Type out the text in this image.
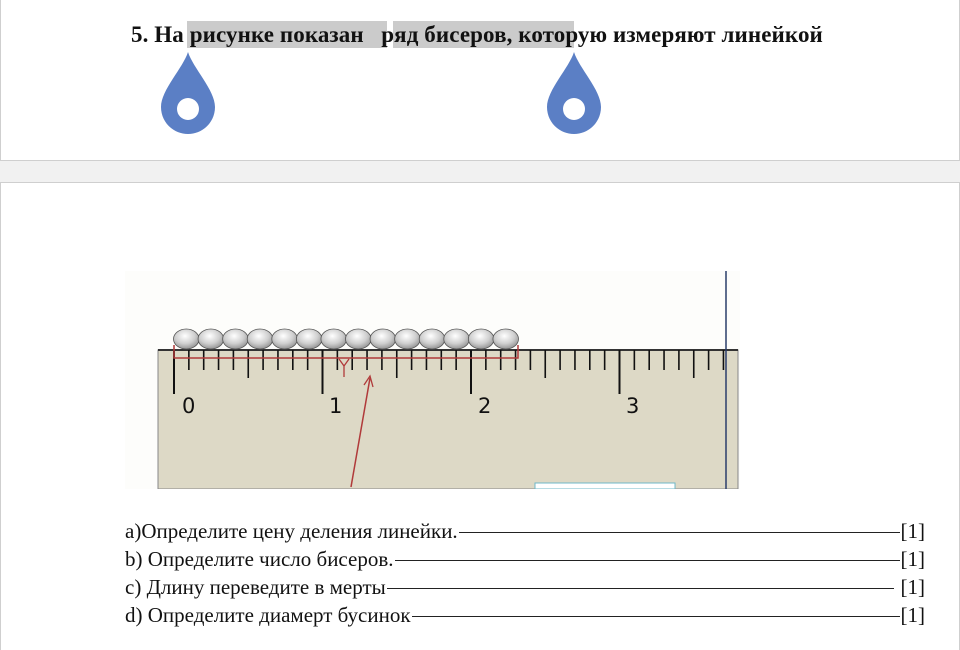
5. На рисунке показан   ряд бисеров, которую измеряют линейкой
0	1	2	3
a)Определите цену деления линейки.	[1]
b) Определите число бисеров.	[1]
c) Длину переведите в мерты	[1]
d) Определите диамерт бусинок	[1]
